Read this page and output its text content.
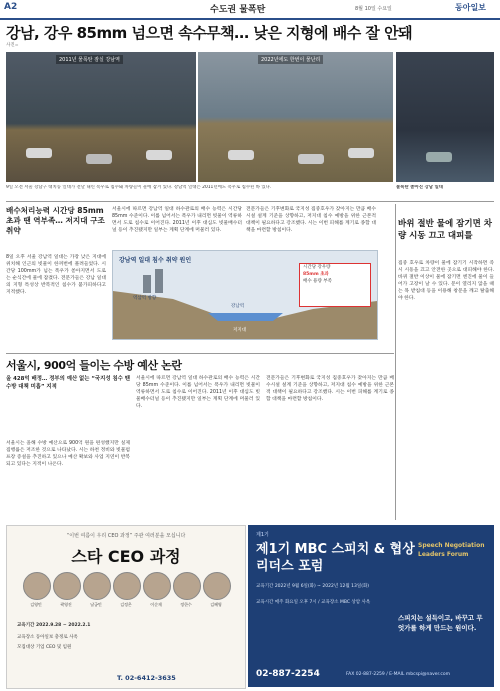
A2	수도권 물폭탄	8월 10일 수요일	동아일보
강남, 강우 85mm 넘으면 속수무책… 낮은 지형에 배수 잘 안돼
사진=
2011년 물폭탄 잠실 강남역	2022년에도 한번이 물난리
9일 오전 서울 강남구 대치동 일대가 전날 내린 폭우로 침수돼 차량들이 물에 잠겨 있다. 강남역 일대는 2011년에도 폭우로 침수된 바 있다.	물폭탄 쏟아진 강남 일대
배수처리능력 시간당 85mm 초과 땐 역부족… 저지대 구조 취약
8일 오후 서울 강남역 일대는 가장 낮은 지대에 위치해 인근의 빗물이 한꺼번에 몰려들었다. 시간당 100mm가 넘는 폭우가 쏟아지면서 도로는 순식간에 물에 잠겼다. 전문가들은 강남 일대의 지형 특성상 반복적인 침수가 불가피하다고 지적했다.
서울시에 따르면 강남역 일대 하수관로의 배수 능력은 시간당 85mm 수준이다. 이를 넘어서는 폭우가 내리면 빗물이 역류하면서 도로 침수로 이어진다. 2011년 이후 대심도 빗물배수터널 등이 추진됐지만 일부는 계획 단계에 머물러 있다.
전문가들은 기후변화로 국지성 집중호우가 잦아지는 만큼 배수시설 설계 기준을 상향하고, 저지대 침수 예방을 위한 근본적 대책이 필요하다고 강조했다. 시는 이번 피해를 계기로 종합 대책을 마련할 방침이다.
강남역 일대 침수 취약 원인
역삼역 방향
강남역
저지대
시간당 강우량
85mm 초과
배수 용량 부족
서울시, 900억 들이는 수방 예산 논란
올 428억 배정… 정부의 예산 없는 “국지성 침수 땐 수방 대책 미흡” 지적
서울시는 올해 수방 예산으로 900억 원을 편성했지만 실제 집행률은 저조한 것으로 나타났다. 시는 하천 정비와 빗물펌프장 증설을 추진하고 있으나 예산 확보와 사업 지연이 반복되고 있다는 지적이 나온다.
서울시에 따르면 강남역 일대 하수관로의 배수 능력은 시간당 85mm 수준이다. 이를 넘어서는 폭우가 내리면 빗물이 역류하면서 도로 침수로 이어진다. 2011년 이후 대심도 빗물배수터널 등이 추진됐지만 일부는 계획 단계에 머물러 있다.
전문가들은 기후변화로 국지성 집중호우가 잦아지는 만큼 배수시설 설계 기준을 상향하고, 저지대 침수 예방을 위한 근본적 대책이 필요하다고 강조했다. 시는 이번 피해를 계기로 종합 대책을 마련할 방침이다.
바위 절반 물에 잠기면 차량 시동 끄고 대피를
집중 호우로 차량이 물에 잠기기 시작하면 즉시 시동을 끄고 안전한 곳으로 대피해야 한다. 바퀴 절반 이상이 물에 잠기면 엔진에 물이 들어가 고장이 날 수 있다. 문이 열리지 않을 때는 목 받침대 등을 이용해 창문을 깨고 탈출해야 한다.
“이번 여름이 우리 CEO 과정” 주관 여러분을 모십니다
스타 CEO 과정
김영민	곽영진	남궁민	김정은	이순재	정한수	김혜영
교육기간 2022.9.28 ~ 2022.2.1
교육장소 동아일보 충정로 사옥
모집대상 기업 CEO 및 임원
T. 02-6412-3635
제1기
제1기 MBC 스피치 & 협상 리더스 포럼
Speech Negotiation Leaders Forum
교육기간 2022년 9월 6일(화) ~ 2022년 12월 13일(화)
교육시간 매주 화요일 오후 7시 / 교육장소 MBC 상암 사옥
스피치는 설득이고, 바꾸고 무엇가를 하게 만드는 원이다.
02-887-2254	FAX 02-887-2259 / E-MAIL mbcspi@naver.com
